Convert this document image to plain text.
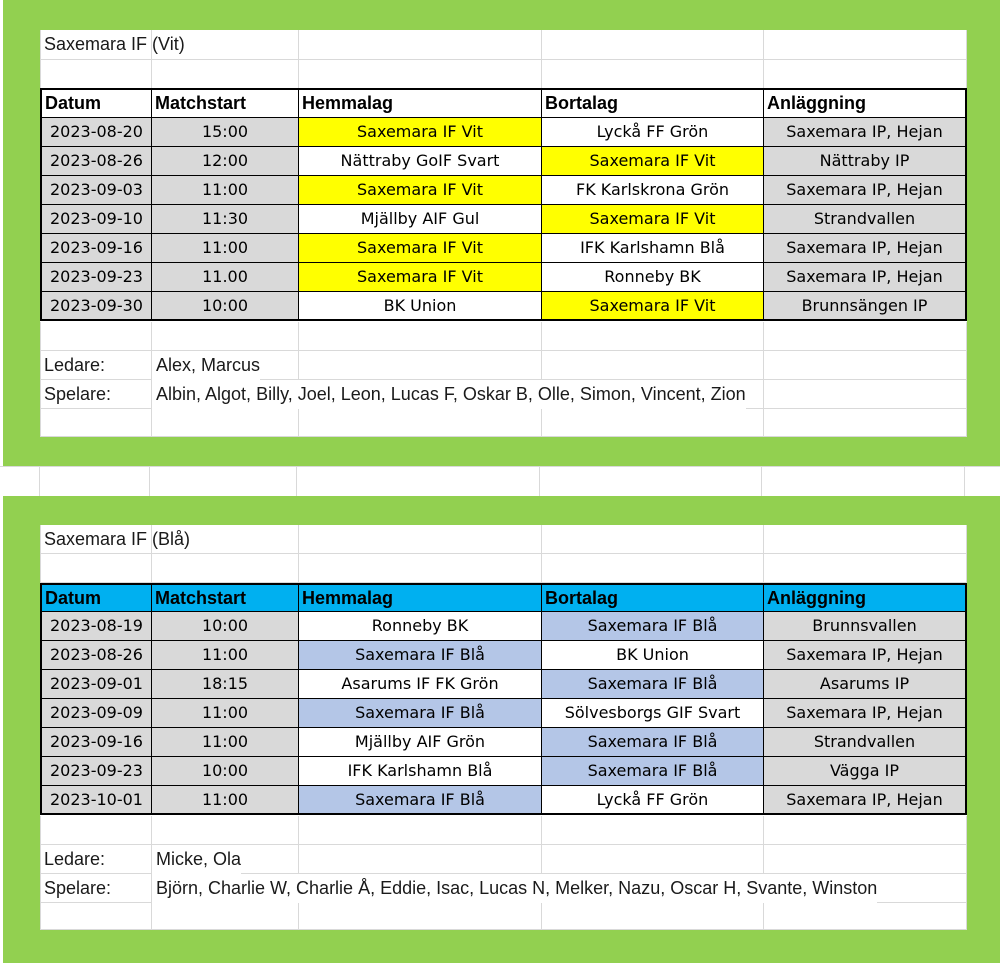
Saxemara IF (Vit)
Datum	Matchstart	Hemmalag	Bortalag	Anläggning
2023-08-20	15:00	Saxemara IF Vit	Lyckå FF Grön	Saxemara IP, Hejan
2023-08-26	12:00	Nättraby GoIF Svart	Saxemara IF Vit	Nättraby IP
2023-09-03	11:00	Saxemara IF Vit	FK Karlskrona Grön	Saxemara IP, Hejan
2023-09-10	11:30	Mjällby AIF Gul	Saxemara IF Vit	Strandvallen
2023-09-16	11:00	Saxemara IF Vit	IFK Karlshamn Blå	Saxemara IP, Hejan
2023-09-23	11.00	Saxemara IF Vit	Ronneby BK	Saxemara IP, Hejan
2023-09-30	10:00	BK Union	Saxemara IF Vit	Brunnsängen IP
Ledare:	Alex, Marcus
Spelare: Albin, Algot, Billy, Joel, Leon, Lucas F, Oskar B, Olle, Simon, Vincent, Zion
Saxemara IF (Blå)
Datum	Matchstart	Hemmalag	Bortalag	Anläggning
2023-08-19	10:00	Ronneby BK	Saxemara IF Blå	Brunnsvallen
2023-08-26	11:00	Saxemara IF Blå	BK Union	Saxemara IP, Hejan
2023-09-01	18:15	Asarums IF FK Grön	Saxemara IF Blå	Asarums IP
2023-09-09	11:00	Saxemara IF Blå	Sölvesborgs GIF Svart	Saxemara IP, Hejan
2023-09-16	11:00	Mjällby AIF Grön	Saxemara IF Blå	Strandvallen
2023-09-23	10:00	IFK Karlshamn Blå	Saxemara IF Blå	Vägga IP
2023-10-01	11:00	Saxemara IF Blå	Lyckå FF Grön	Saxemara IP, Hejan
Ledare:	Micke, Ola
Spelare: Björn, Charlie W, Charlie Å, Eddie, Isac, Lucas N, Melker, Nazu, Oscar H, Svante, Winston
